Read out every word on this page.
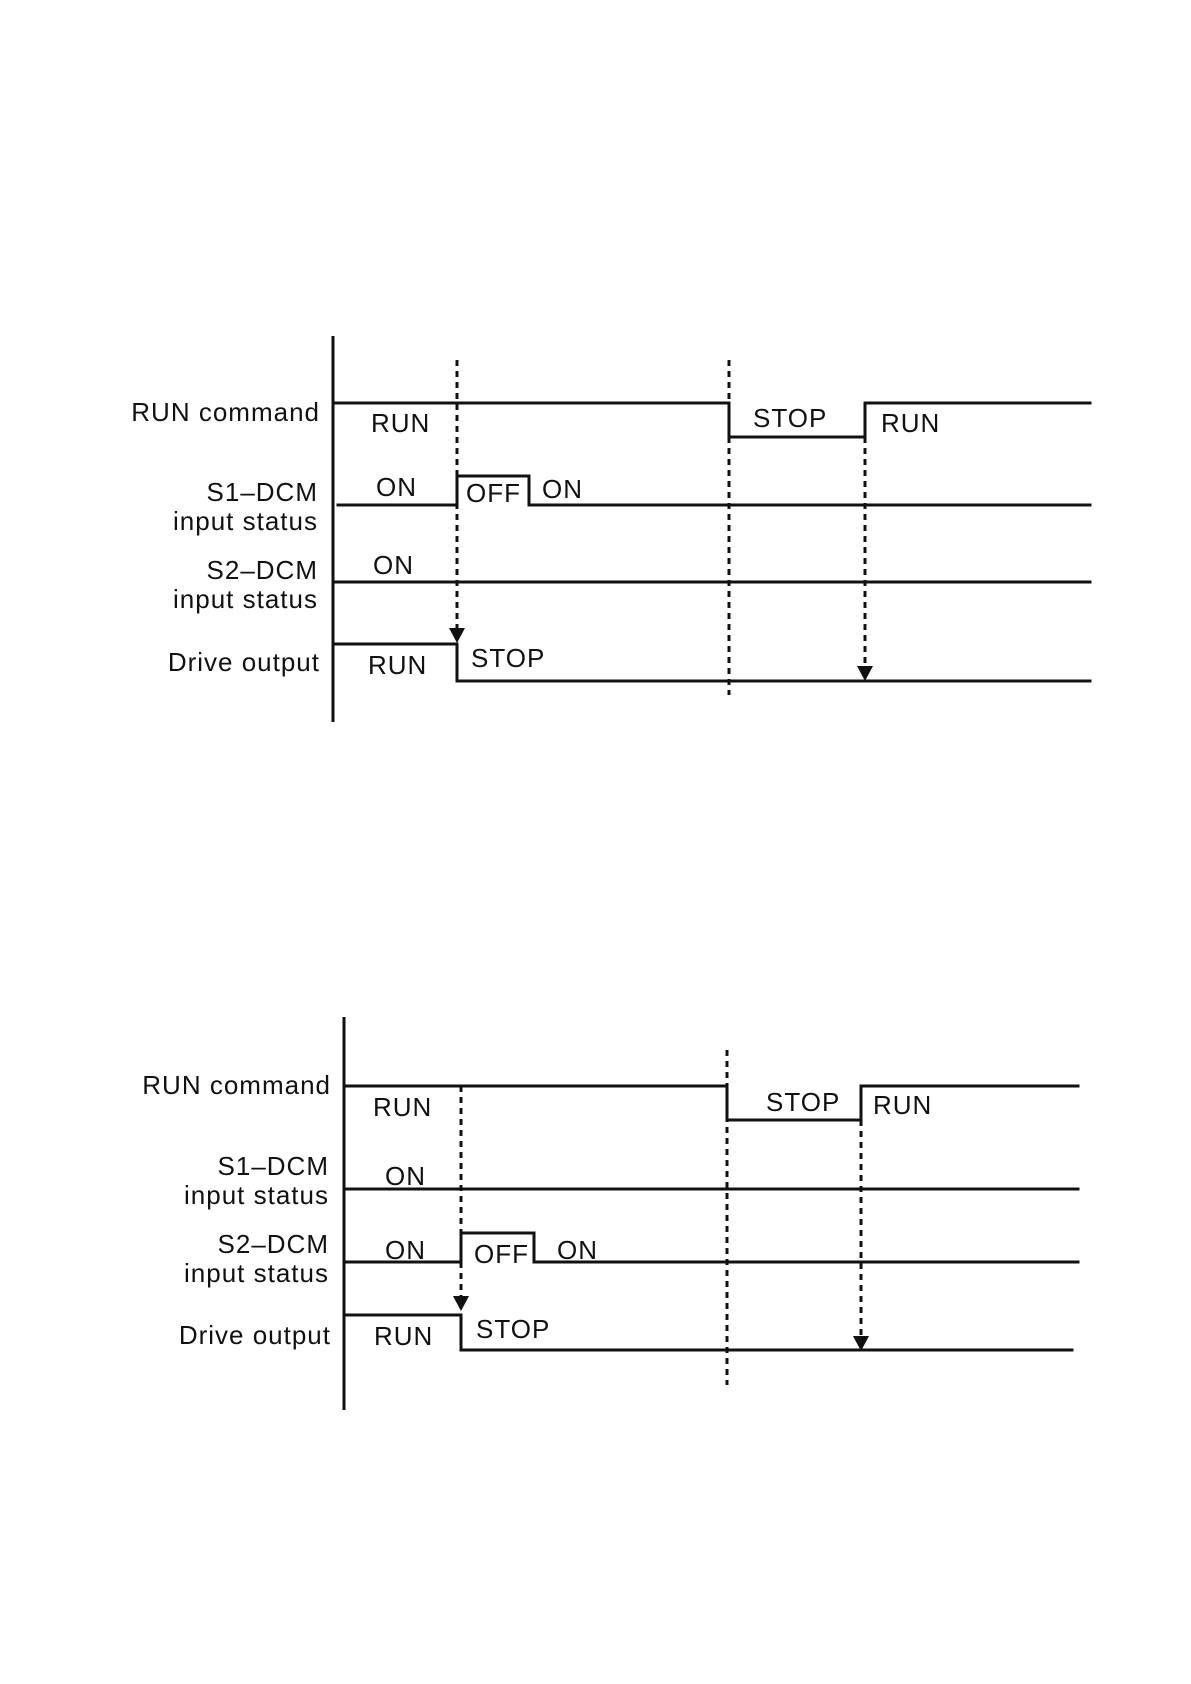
RUN command
S1–DCM
input status
S2–DCM
input status
Drive output
RUN	STOP RUN
ON OFF ON
ON
RUN STOP
RUN command
S1–DCM
input status
S2–DCM
input status
Drive output
RUN	STOP RUN
ON
ON OFF ON
RUN STOP
